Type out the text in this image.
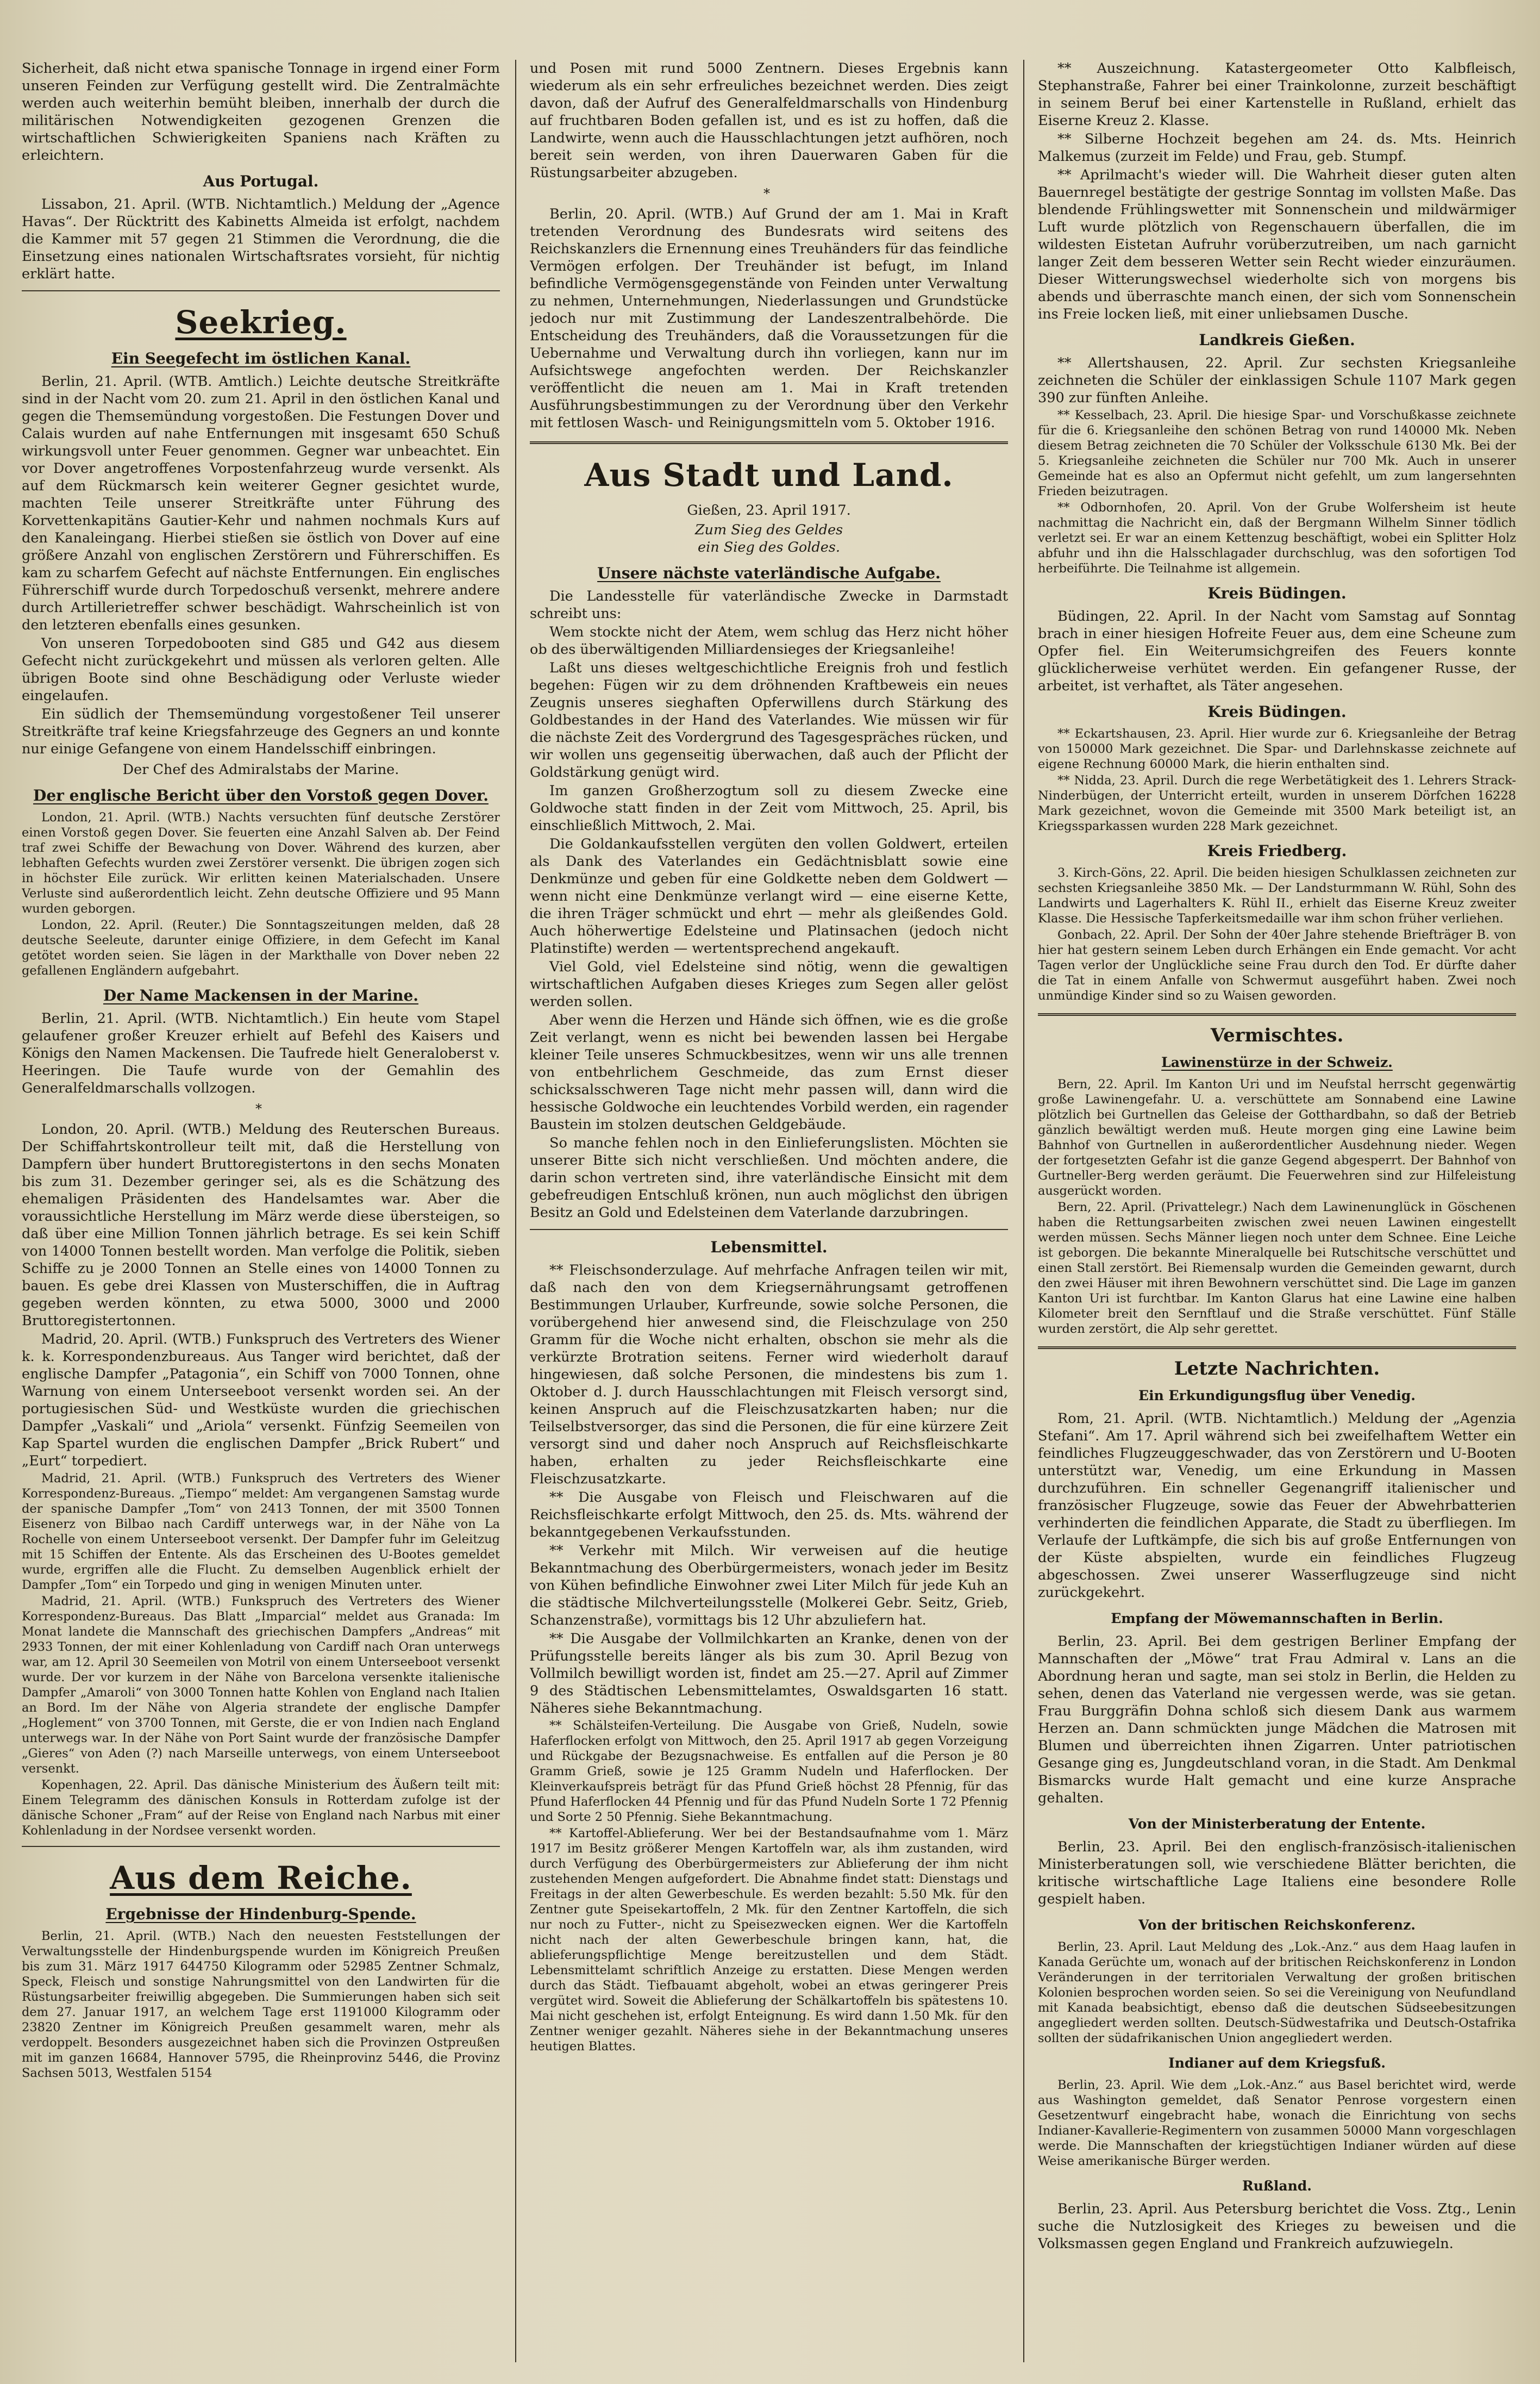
Sicherheit, daß nicht etwa spanische Tonnage in irgend einer Form unseren Feinden zur Verfügung gestellt wird. Die Zentralmächte werden auch weiterhin bemüht bleiben, innerhalb der durch die militärischen Notwendigkeiten gezogenen Grenzen die wirtschaftlichen Schwierigkeiten Spaniens nach Kräften zu erleichtern.

Aus Portugal.

Lissabon, 21. April. (WTB. Nichtamtlich.) Meldung der „Agence Havas“. Der Rücktritt des Kabinetts Almeida ist erfolgt, nachdem die Kammer mit 57 gegen 21 Stimmen die Verordnung, die die Einsetzung eines nationalen Wirtschaftsrates vorsieht, für nichtig erklärt hatte.

Seekrieg.
Ein Seegefecht im östlichen Kanal.

Berlin, 21. April. (WTB. Amtlich.) Leichte deutsche Streitkräfte sind in der Nacht vom 20. zum 21. April in den östlichen Kanal und gegen die Themsemündung vorgestoßen. Die Festungen Dover und Calais wurden auf nahe Entfernungen mit insgesamt 650 Schuß wirkungsvoll unter Feuer genommen. Gegner war unbeachtet. Ein vor Dover angetroffenes Vorpostenfahrzeug wurde versenkt. Als auf dem Rückmarsch kein weiterer Gegner gesichtet wurde, machten Teile unserer Streitkräfte unter Führung des Korvettenkapitäns Gautier-Kehr und nahmen nochmals Kurs auf den Kanaleingang. Hierbei stießen sie östlich von Dover auf eine größere Anzahl von englischen Zerstörern und Führerschiffen. Es kam zu scharfem Gefecht auf nächste Entfernungen. Ein englisches Führerschiff wurde durch Torpedoschuß versenkt, mehrere andere durch Artillerietreffer schwer beschädigt. Wahrscheinlich ist von den letzteren ebenfalls eines gesunken.

Von unseren Torpedobooten sind G85 und G42 aus diesem Gefecht nicht zurückgekehrt und müssen als verloren gelten. Alle übrigen Boote sind ohne Beschädigung oder Verluste wieder eingelaufen.

Ein südlich der Themsemündung vorgestoßener Teil unserer Streitkräfte traf keine Kriegsfahrzeuge des Gegners an und konnte nur einige Gefangene von einem Handelsschiff einbringen.

Der Chef des Admiralstabs der Marine.
Der englische Bericht über den Vorstoß gegen Dover.

London, 21. April. (WTB.) Nachts versuchten fünf deutsche Zerstörer einen Vorstoß gegen Dover. Sie feuerten eine Anzahl Salven ab. Der Feind traf zwei Schiffe der Bewachung von Dover. Während des kurzen, aber lebhaften Gefechts wurden zwei Zerstörer versenkt. Die übrigen zogen sich in höchster Eile zurück. Wir erlitten keinen Materialschaden. Unsere Verluste sind außerordentlich leicht. Zehn deutsche Offiziere und 95 Mann wurden geborgen.

London, 22. April. (Reuter.) Die Sonntagszeitungen melden, daß 28 deutsche Seeleute, darunter einige Offiziere, in dem Gefecht im Kanal getötet worden seien. Sie lägen in der Markthalle von Dover neben 22 gefallenen Engländern aufgebahrt.

Der Name Mackensen in der Marine.

Berlin, 21. April. (WTB. Nichtamtlich.) Ein heute vom Stapel gelaufener großer Kreuzer erhielt auf Befehl des Kaisers und Königs den Namen Mackensen. Die Taufrede hielt Generaloberst v. Heeringen. Die Taufe wurde von der Gemahlin des Generalfeldmarschalls vollzogen.

*

London, 20. April. (WTB.) Meldung des Reuterschen Bureaus. Der Schiffahrtskontrolleur teilt mit, daß die Herstellung von Dampfern über hundert Bruttoregistertons in den sechs Monaten bis zum 31. Dezember geringer sei, als es die Schätzung des ehemaligen Präsidenten des Handelsamtes war. Aber die voraussichtliche Herstellung im März werde diese übersteigen, so daß über eine Million Tonnen jährlich betrage. Es sei kein Schiff von 14000 Tonnen bestellt worden. Man verfolge die Politik, sieben Schiffe zu je 2000 Tonnen an Stelle eines von 14000 Tonnen zu bauen. Es gebe drei Klassen von Musterschiffen, die in Auftrag gegeben werden könnten, zu etwa 5000, 3000 und 2000 Bruttoregistertonnen.

Madrid, 20. April. (WTB.) Funkspruch des Vertreters des Wiener k. k. Korrespondenzbureaus. Aus Tanger wird berichtet, daß der englische Dampfer „Patagonia“, ein Schiff von 7000 Tonnen, ohne Warnung von einem Unterseeboot versenkt worden sei. An der portugiesischen Süd- und Westküste wurden die griechischen Dampfer „Vaskali“ und „Ariola“ versenkt. Fünfzig Seemeilen von Kap Spartel wurden die englischen Dampfer „Brick Rubert“ und „Eurt“ torpediert.

Madrid, 21. April. (WTB.) Funkspruch des Vertreters des Wiener Korrespondenz-Bureaus. „Tiempo“ meldet: Am vergangenen Samstag wurde der spanische Dampfer „Tom“ von 2413 Tonnen, der mit 3500 Tonnen Eisenerz von Bilbao nach Cardiff unterwegs war, in der Nähe von La Rochelle von einem Unterseeboot versenkt. Der Dampfer fuhr im Geleitzug mit 15 Schiffen der Entente. Als das Erscheinen des U-Bootes gemeldet wurde, ergriffen alle die Flucht. Zu demselben Augenblick erhielt der Dampfer „Tom“ ein Torpedo und ging in wenigen Minuten unter.

Madrid, 21. April. (WTB.) Funkspruch des Vertreters des Wiener Korrespondenz-Bureaus. Das Blatt „Imparcial“ meldet aus Granada: Im Monat landete die Mannschaft des griechischen Dampfers „Andreas“ mit 2933 Tonnen, der mit einer Kohlenladung von Cardiff nach Oran unterwegs war, am 12. April 30 Seemeilen von Motril von einem Unterseeboot versenkt wurde. Der vor kurzem in der Nähe von Barcelona versenkte italienische Dampfer „Amaroli“ von 3000 Tonnen hatte Kohlen von England nach Italien an Bord. Im der Nähe von Algeria strandete der englische Dampfer „Hoglement“ von 3700 Tonnen, mit Gerste, die er von Indien nach England unterwegs war. In der Nähe von Port Saint wurde der französische Dampfer „Gieres“ von Aden (?) nach Marseille unterwegs, von einem Unterseeboot versenkt.

Kopenhagen, 22. April. Das dänische Ministerium des Äußern teilt mit: Einem Telegramm des dänischen Konsuls in Rotterdam zufolge ist der dänische Schoner „Fram“ auf der Reise von England nach Narbus mit einer Kohlenladung in der Nordsee versenkt worden.

Aus dem Reiche.
Ergebnisse der Hindenburg-Spende.

Berlin, 21. April. (WTB.) Nach den neuesten Feststellungen der Verwaltungsstelle der Hindenburgspende wurden im Königreich Preußen bis zum 31. März 1917 644750 Kilogramm oder 52985 Zentner Schmalz, Speck, Fleisch und sonstige Nahrungsmittel von den Landwirten für die Rüstungsarbeiter freiwillig abgegeben. Die Summierungen haben sich seit dem 27. Januar 1917, an welchem Tage erst 1191000 Kilogramm oder 23820 Zentner im Königreich Preußen gesammelt waren, mehr als verdoppelt. Besonders ausgezeichnet haben sich die Provinzen Ostpreußen mit im ganzen 16684, Hannover 5795, die Rheinprovinz 5446, die Provinz Sachsen 5013, Westfalen 5154

und Posen mit rund 5000 Zentnern. Dieses Ergebnis kann wiederum als ein sehr erfreuliches bezeichnet werden. Dies zeigt davon, daß der Aufruf des Generalfeldmarschalls von Hindenburg auf fruchtbaren Boden gefallen ist, und es ist zu hoffen, daß die Landwirte, wenn auch die Hausschlachtungen jetzt aufhören, noch bereit sein werden, von ihren Dauerwaren Gaben für die Rüstungsarbeiter abzugeben.

*

Berlin, 20. April. (WTB.) Auf Grund der am 1. Mai in Kraft tretenden Verordnung des Bundesrats wird seitens des Reichskanzlers die Ernennung eines Treuhänders für das feindliche Vermögen erfolgen. Der Treuhänder ist befugt, im Inland befindliche Vermögensgegenstände von Feinden unter Verwaltung zu nehmen, Unternehmungen, Niederlassungen und Grundstücke jedoch nur mit Zustimmung der Landeszentralbehörde. Die Entscheidung des Treuhänders, daß die Voraussetzungen für die Uebernahme und Verwaltung durch ihn vorliegen, kann nur im Aufsichtswege angefochten werden. Der Reichskanzler veröffentlicht die neuen am 1. Mai in Kraft tretenden Ausführungsbestimmungen zu der Verordnung über den Verkehr mit fettlosen Wasch- und Reinigungsmitteln vom 5. Oktober 1916.

Aus Stadt und Land.
Gießen, 23. April 1917.
Zum Sieg des Geldes
ein Sieg des Goldes.
Unsere nächste vaterländische Aufgabe.

Die Landesstelle für vaterländische Zwecke in Darmstadt schreibt uns:

Wem stockte nicht der Atem, wem schlug das Herz nicht höher ob des überwältigenden Milliardensieges der Kriegsanleihe!

Laßt uns dieses weltgeschichtliche Ereignis froh und festlich begehen: Fügen wir zu dem dröhnenden Kraftbeweis ein neues Zeugnis unseres sieghaften Opferwillens durch Stärkung des Goldbestandes in der Hand des Vaterlandes. Wie müssen wir für die nächste Zeit des Vordergrund des Tagesgespräches rücken, und wir wollen uns gegenseitig überwachen, daß auch der Pflicht der Goldstärkung genügt wird.

Im ganzen Großherzogtum soll zu diesem Zwecke eine Goldwoche statt finden in der Zeit vom Mittwoch, 25. April, bis einschließlich Mittwoch, 2. Mai.

Die Goldankaufsstellen vergüten den vollen Goldwert, erteilen als Dank des Vaterlandes ein Gedächtnisblatt sowie eine Denkmünze und geben für eine Goldkette neben dem Goldwert — wenn nicht eine Denkmünze verlangt wird — eine eiserne Kette, die ihren Träger schmückt und ehrt — mehr als gleißendes Gold. Auch höherwertige Edelsteine und Platinsachen (jedoch nicht Platinstifte) werden — wertentsprechend angekauft.

Viel Gold, viel Edelsteine sind nötig, wenn die gewaltigen wirtschaftlichen Aufgaben dieses Krieges zum Segen aller gelöst werden sollen.

Aber wenn die Herzen und Hände sich öffnen, wie es die große Zeit verlangt, wenn es nicht bei bewenden lassen bei Hergabe kleiner Teile unseres Schmuckbesitzes, wenn wir uns alle trennen von entbehrlichem Geschmeide, das zum Ernst dieser schicksalsschweren Tage nicht mehr passen will, dann wird die hessische Goldwoche ein leuchtendes Vorbild werden, ein ragender Baustein im stolzen deutschen Geldgebäude.

So manche fehlen noch in den Einlieferungslisten. Möchten sie unserer Bitte sich nicht verschließen. Und möchten andere, die darin schon vertreten sind, ihre vaterländische Einsicht mit dem gebefreudigen Entschluß krönen, nun auch möglichst den übrigen Besitz an Gold und Edelsteinen dem Vaterlande darzubringen.

Lebensmittel.

** Fleischsonderzulage. Auf mehrfache Anfragen teilen wir mit, daß nach den von dem Kriegsernährungsamt getroffenen Bestimmungen Urlauber, Kurfreunde, sowie solche Personen, die vorübergehend hier anwesend sind, die Fleischzulage von 250 Gramm für die Woche nicht erhalten, obschon sie mehr als die verkürzte Brotration seitens. Ferner wird wiederholt darauf hingewiesen, daß solche Personen, die mindestens bis zum 1. Oktober d. J. durch Hausschlachtungen mit Fleisch versorgt sind, keinen Anspruch auf die Fleischzusatzkarten haben; nur die Teilselbstversorger, das sind die Personen, die für eine kürzere Zeit versorgt sind und daher noch Anspruch auf Reichsfleischkarte haben, erhalten zu jeder Reichsfleischkarte eine Fleischzusatzkarte.

** Die Ausgabe von Fleisch und Fleischwaren auf die Reichsfleischkarte erfolgt Mittwoch, den 25. ds. Mts. während der bekanntgegebenen Verkaufsstunden.

** Verkehr mit Milch. Wir verweisen auf die heutige Bekanntmachung des Oberbürgermeisters, wonach jeder im Besitz von Kühen befindliche Einwohner zwei Liter Milch für jede Kuh an die städtische Milchverteilungsstelle (Molkerei Gebr. Seitz, Grieb, Schanzenstraße), vormittags bis 12 Uhr abzuliefern hat.

** Die Ausgabe der Vollmilchkarten an Kranke, denen von der Prüfungsstelle bereits länger als bis zum 30. April Bezug von Vollmilch bewilligt worden ist, findet am 25.—27. April auf Zimmer 9 des Städtischen Lebensmittelamtes, Oswaldsgarten 16 statt. Näheres siehe Bekanntmachung.

** Schälsteifen-Verteilung. Die Ausgabe von Grieß, Nudeln, sowie Haferflocken erfolgt von Mittwoch, den 25. April 1917 ab gegen Vorzeigung und Rückgabe der Bezugsnachweise. Es entfallen auf die Person je 80 Gramm Grieß, sowie je 125 Gramm Nudeln und Haferflocken. Der Kleinverkaufspreis beträgt für das Pfund Grieß höchst 28 Pfennig, für das Pfund Haferflocken 44 Pfennig und für das Pfund Nudeln Sorte 1 72 Pfennig und Sorte 2 50 Pfennig. Siehe Bekanntmachung.

** Kartoffel-Ablieferung. Wer bei der Bestandsaufnahme vom 1. März 1917 im Besitz größerer Mengen Kartoffeln war, als ihm zustanden, wird durch Verfügung des Oberbürgermeisters zur Ablieferung der ihm nicht zustehenden Mengen aufgefordert. Die Abnahme findet statt: Dienstags und Freitags in der alten Gewerbeschule. Es werden bezahlt: 5.50 Mk. für den Zentner gute Speisekartoffeln, 2 Mk. für den Zentner Kartoffeln, die sich nur noch zu Futter-, nicht zu Speisezwecken eignen. Wer die Kartoffeln nicht nach der alten Gewerbeschule bringen kann, hat, die ablieferungspflichtige Menge bereitzustellen und dem Städt. Lebensmittelamt schriftlich Anzeige zu erstatten. Diese Mengen werden durch das Städt. Tiefbauamt abgeholt, wobei an etwas geringerer Preis vergütet wird. Soweit die Ablieferung der Schälkartoffeln bis spätestens 10. Mai nicht geschehen ist, erfolgt Enteignung. Es wird dann 1.50 Mk. für den Zentner weniger gezahlt. Näheres siehe in der Bekanntmachung unseres heutigen Blattes.

** Auszeichnung. Katastergeometer Otto Kalbfleisch, Stephanstraße, Fahrer bei einer Trainkolonne, zurzeit beschäftigt in seinem Beruf bei einer Kartenstelle in Rußland, erhielt das Eiserne Kreuz 2. Klasse.

** Silberne Hochzeit begehen am 24. ds. Mts. Heinrich Malkemus (zurzeit im Felde) und Frau, geb. Stumpf.

** Aprilmacht's wieder will. Die Wahrheit dieser guten alten Bauernregel bestätigte der gestrige Sonntag im vollsten Maße. Das blendende Frühlingswetter mit Sonnenschein und mildwärmiger Luft wurde plötzlich von Regenschauern überfallen, die im wildesten Eistetan Aufruhr vorüberzutreiben, um nach garnicht langer Zeit dem besseren Wetter sein Recht wieder einzuräumen. Dieser Witterungswechsel wiederholte sich von morgens bis abends und überraschte manch einen, der sich vom Sonnenschein ins Freie locken ließ, mit einer unliebsamen Dusche.

Landkreis Gießen.

** Allertshausen, 22. April. Zur sechsten Kriegsanleihe zeichneten die Schüler der einklassigen Schule 1107 Mark gegen 390 zur fünften Anleihe.

** Kesselbach, 23. April. Die hiesige Spar- und Vorschußkasse zeichnete für die 6. Kriegsanleihe den schönen Betrag von rund 140000 Mk. Neben diesem Betrag zeichneten die 70 Schüler der Volksschule 6130 Mk. Bei der 5. Kriegsanleihe zeichneten die Schüler nur 700 Mk. Auch in unserer Gemeinde hat es also an Opfermut nicht gefehlt, um zum langersehnten Frieden beizutragen.

** Odbornhofen, 20. April. Von der Grube Wolfersheim ist heute nachmittag die Nachricht ein, daß der Bergmann Wilhelm Sinner tödlich verletzt sei. Er war an einem Kettenzug beschäftigt, wobei ein Splitter Holz abfuhr und ihn die Halsschlagader durchschlug, was den sofortigen Tod herbeiführte. Die Teilnahme ist allgemein.

Kreis Büdingen.

Büdingen, 22. April. In der Nacht vom Samstag auf Sonntag brach in einer hiesigen Hofreite Feuer aus, dem eine Scheune zum Opfer fiel. Ein Weiterumsichgreifen des Feuers konnte glücklicherweise verhütet werden. Ein gefangener Russe, der arbeitet, ist verhaftet, als Täter angesehen.

Kreis Büdingen.

** Eckartshausen, 23. April. Hier wurde zur 6. Kriegsanleihe der Betrag von 150000 Mark gezeichnet. Die Spar- und Darlehnskasse zeichnete auf eigene Rechnung 60000 Mark, die hierin enthalten sind.

** Nidda, 23. April. Durch die rege Werbetätigkeit des 1. Lehrers Strack-Ninderbügen, der Unterricht erteilt, wurden in unserem Dörfchen 16228 Mark gezeichnet, wovon die Gemeinde mit 3500 Mark beteiligt ist, an Kriegssparkassen wurden 228 Mark gezeichnet.

Kreis Friedberg.

3. Kirch-Göns, 22. April. Die beiden hiesigen Schulklassen zeichneten zur sechsten Kriegsanleihe 3850 Mk. — Der Landsturmmann W. Rühl, Sohn des Landwirts und Lagerhalters K. Rühl II., erhielt das Eiserne Kreuz zweiter Klasse. Die Hessische Tapferkeitsmedaille war ihm schon früher verliehen.

Gonbach, 22. April. Der Sohn der 40er Jahre stehende Briefträger B. von hier hat gestern seinem Leben durch Erhängen ein Ende gemacht. Vor acht Tagen verlor der Unglückliche seine Frau durch den Tod. Er dürfte daher die Tat in einem Anfalle von Schwermut ausgeführt haben. Zwei noch unmündige Kinder sind so zu Waisen geworden.

Vermischtes.
Lawinenstürze in der Schweiz.

Bern, 22. April. Im Kanton Uri und im Neufstal herrscht gegenwärtig große Lawinengefahr. U. a. verschüttete am Sonnabend eine Lawine plötzlich bei Gurtnellen das Geleise der Gotthardbahn, so daß der Betrieb gänzlich bewältigt werden muß. Heute morgen ging eine Lawine beim Bahnhof von Gurtnellen in außerordentlicher Ausdehnung nieder. Wegen der fortgesetzten Gefahr ist die ganze Gegend abgesperrt. Der Bahnhof von Gurtneller-Berg werden geräumt. Die Feuerwehren sind zur Hilfeleistung ausgerückt worden.

Bern, 22. April. (Privattelegr.) Nach dem Lawinenunglück in Göschenen haben die Rettungsarbeiten zwischen zwei neuen Lawinen eingestellt werden müssen. Sechs Männer liegen noch unter dem Schnee. Eine Leiche ist geborgen. Die bekannte Mineralquelle bei Rutschitsche verschüttet und einen Stall zerstört. Bei Riemensalp wurden die Gemeinden gewarnt, durch den zwei Häuser mit ihren Bewohnern verschüttet sind. Die Lage im ganzen Kanton Uri ist furchtbar. Im Kanton Glarus hat eine Lawine eine halben Kilometer breit den Sernftlauf und die Straße verschüttet. Fünf Ställe wurden zerstört, die Alp sehr gerettet.

Letzte Nachrichten.
Ein Erkundigungsflug über Venedig.

Rom, 21. April. (WTB. Nichtamtlich.) Meldung der „Agenzia Stefani“. Am 17. April während sich bei zweifelhaftem Wetter ein feindliches Flugzeuggeschwader, das von Zerstörern und U-Booten unterstützt war, Venedig, um eine Erkundung in Massen durchzuführen. Ein schneller Gegenangriff italienischer und französischer Flugzeuge, sowie das Feuer der Abwehrbatterien verhinderten die feindlichen Apparate, die Stadt zu überfliegen. Im Verlaufe der Luftkämpfe, die sich bis auf große Entfernungen von der Küste abspielten, wurde ein feindliches Flugzeug abgeschossen. Zwei unserer Wasserflugzeuge sind nicht zurückgekehrt.

Empfang der Möwemannschaften in Berlin.

Berlin, 23. April. Bei dem gestrigen Berliner Empfang der Mannschaften der „Möwe“ trat Frau Admiral v. Lans an die Abordnung heran und sagte, man sei stolz in Berlin, die Helden zu sehen, denen das Vaterland nie vergessen werde, was sie getan. Frau Burggräfin Dohna schloß sich diesem Dank aus warmem Herzen an. Dann schmückten junge Mädchen die Matrosen mit Blumen und überreichten ihnen Zigarren. Unter patriotischen Gesange ging es, Jungdeutschland voran, in die Stadt. Am Denkmal Bismarcks wurde Halt gemacht und eine kurze Ansprache gehalten.

Von der Ministerberatung der Entente.

Berlin, 23. April. Bei den englisch-französisch-italienischen Ministerberatungen soll, wie verschiedene Blätter berichten, die kritische wirtschaftliche Lage Italiens eine besondere Rolle gespielt haben.

Von der britischen Reichskonferenz.

Berlin, 23. April. Laut Meldung des „Lok.-Anz.“ aus dem Haag laufen in Kanada Gerüchte um, wonach auf der britischen Reichskonferenz in London Veränderungen in der territorialen Verwaltung der großen britischen Kolonien besprochen worden seien. So sei die Vereinigung von Neufundland mit Kanada beabsichtigt, ebenso daß die deutschen Südseebesitzungen angegliedert werden sollten. Deutsch-Südwestafrika und Deutsch-Ostafrika sollten der südafrikanischen Union angegliedert werden.

Indianer auf dem Kriegsfuß.

Berlin, 23. April. Wie dem „Lok.-Anz.“ aus Basel berichtet wird, werde aus Washington gemeldet, daß Senator Penrose vorgestern einen Gesetzentwurf eingebracht habe, wonach die Einrichtung von sechs Indianer-Kavallerie-Regimentern von zusammen 50000 Mann vorgeschlagen werde. Die Mannschaften der kriegstüchtigen Indianer würden auf diese Weise amerikanische Bürger werden.

Rußland.

Berlin, 23. April. Aus Petersburg berichtet die Voss. Ztg., Lenin suche die Nutzlosigkeit des Krieges zu beweisen und die Volksmassen gegen England und Frankreich aufzuwiegeln.
